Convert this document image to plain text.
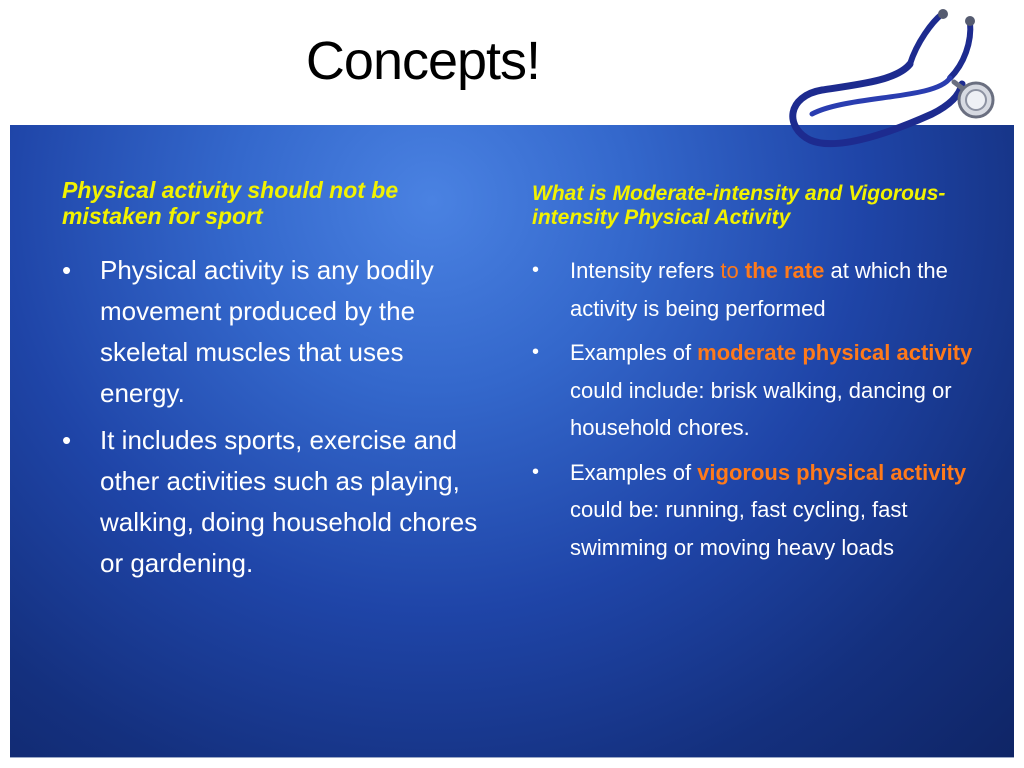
Concepts!
Physical activity should not be mistaken for sport
• Physical activity is any bodily movement produced by the skeletal muscles that uses energy.
• It includes sports, exercise and other activities such as playing, walking, doing household chores or gardening.
What is Moderate-intensity and Vigorous- intensity Physical Activity
• Intensity refers to the rate at which the activity is being performed
• Examples of moderate physical activity could include: brisk walking, dancing or household chores.
• Examples of vigorous physical activity could be: running, fast cycling, fast swimming or moving heavy loads
